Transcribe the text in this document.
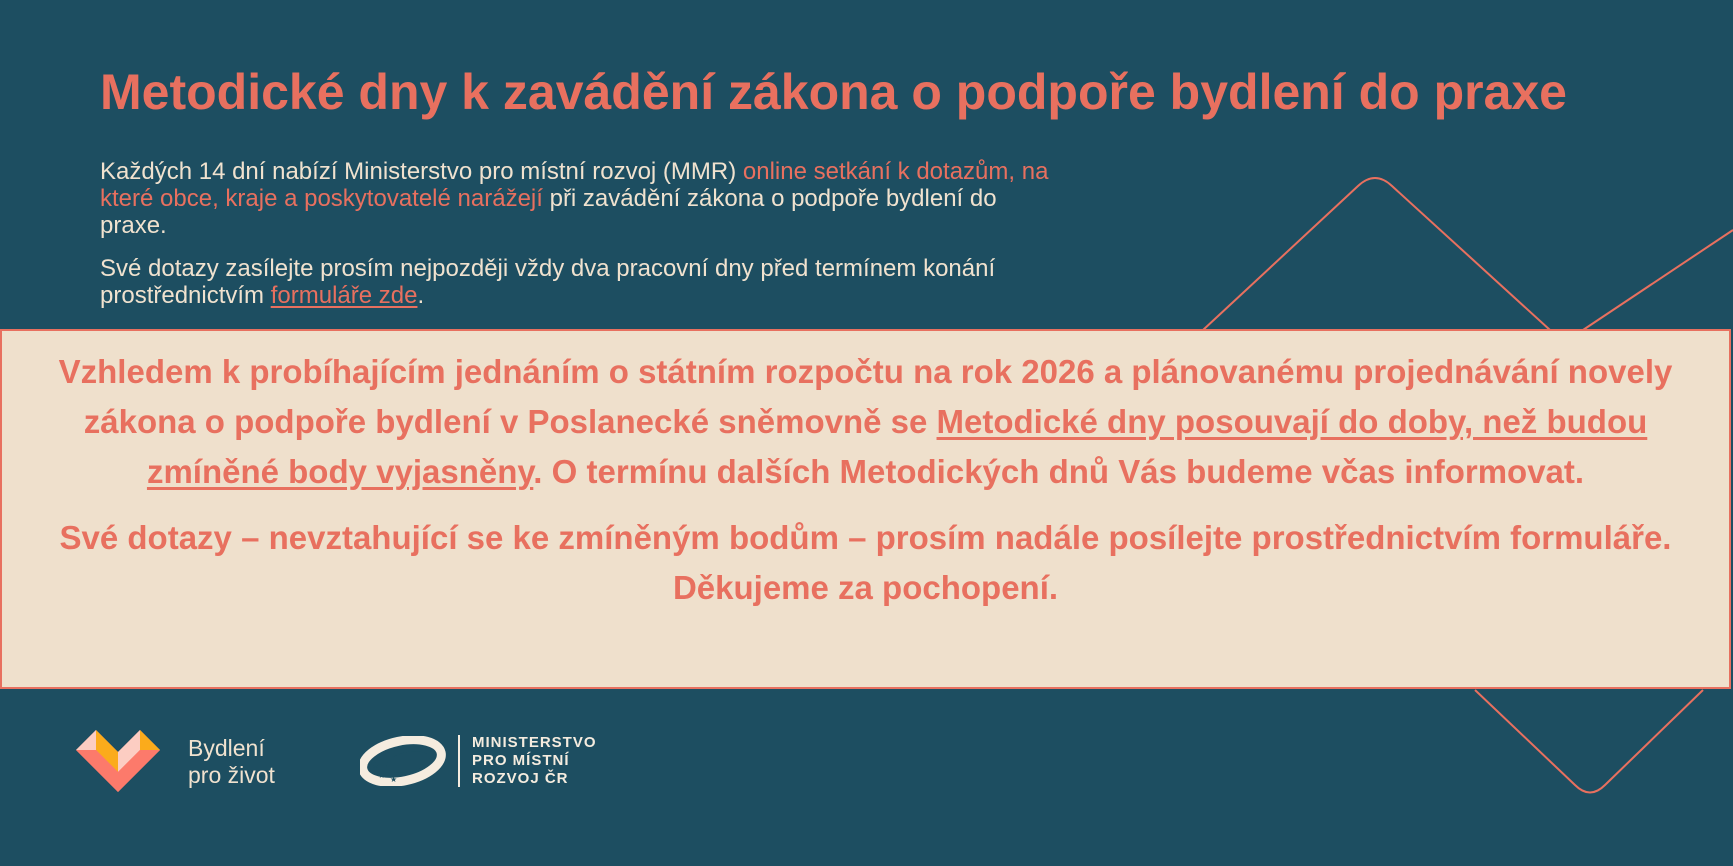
Metodické dny k zavádění zákona o podpoře bydlení do praxe

Každých 14 dní nabízí Ministerstvo pro místní rozvoj (MMR) online setkání k dotazům, na které obce, kraje a poskytovatelé narážejí při zavádění zákona o podpoře bydlení do praxe.

Své dotazy zasílejte prosím nejpozději vždy dva pracovní dny před termínem konání prostřednictvím formuláře zde.

Vzhledem k probíhajícím jednáním o státním rozpočtu na rok 2026 a plánovanému projednávání novely zákona o podpoře bydlení v Poslanecké sněmovně se Metodické dny posouvají do doby, než budou zmíněné body vyjasněny. O termínu dalších Metodických dnů Vás budeme včas informovat.

Své dotazy – nevztahující se ke zmíněným bodům – prosím nadále posílejte prostřednictvím formuláře. Děkujeme za pochopení.

Bydlení
pro život	★
★ ★
MINISTERSTVO
PRO MÍSTNÍ
ROZVOJ ČR
